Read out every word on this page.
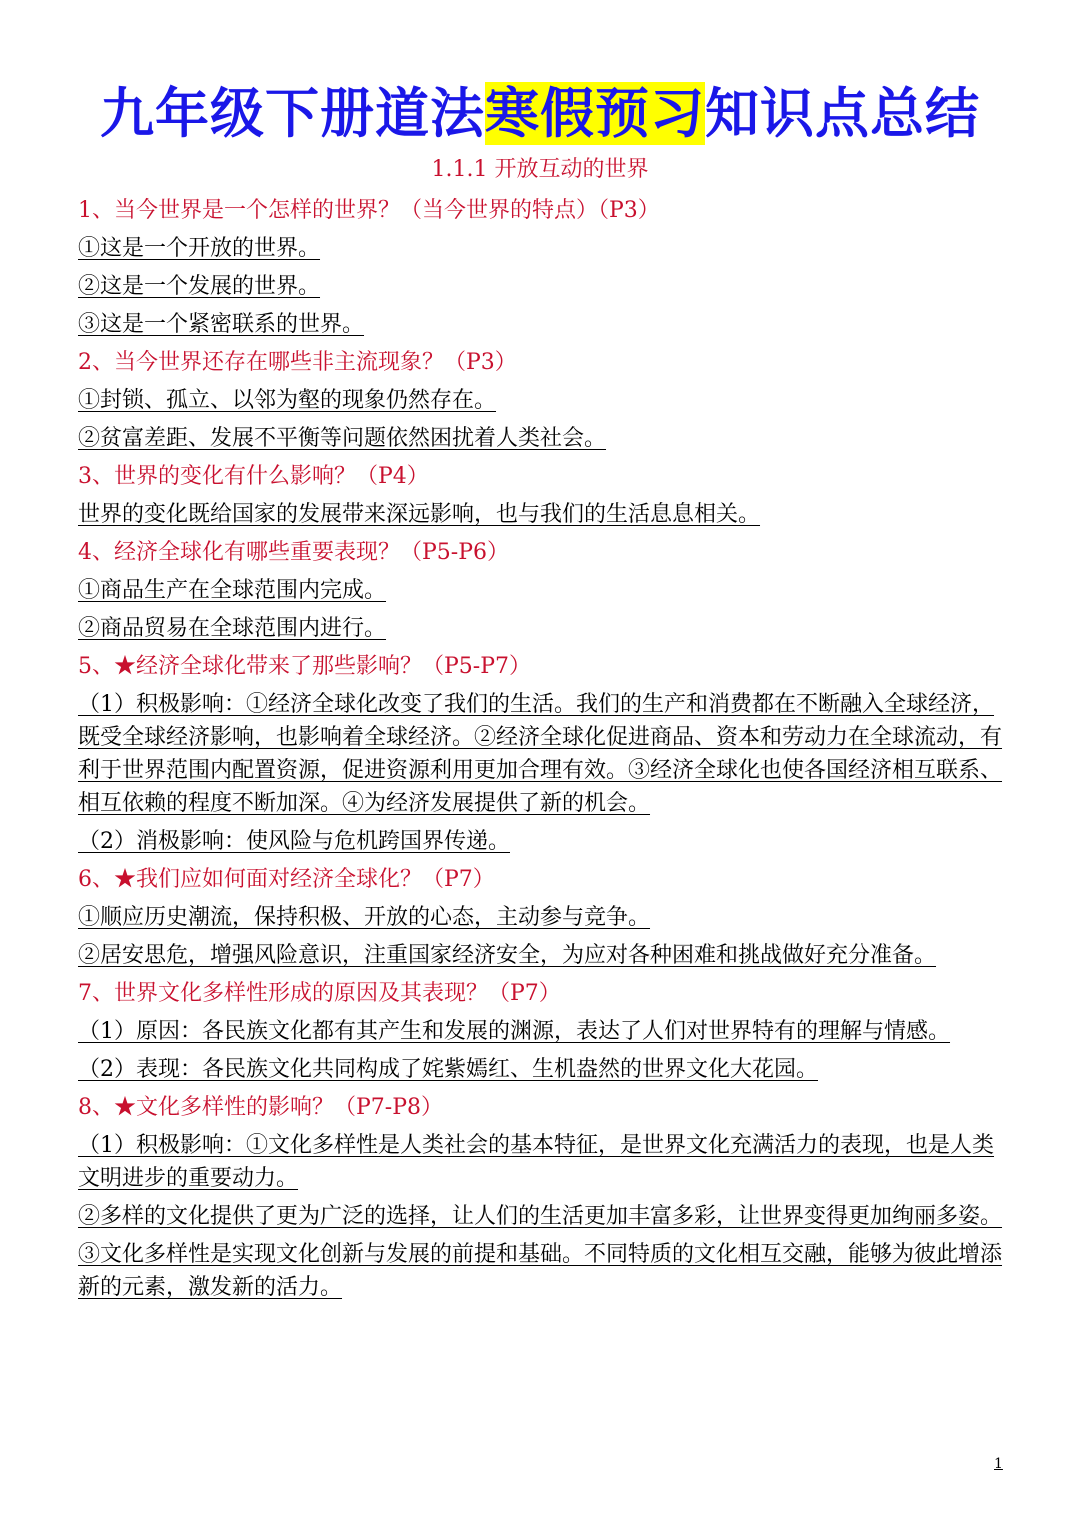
九年级下册道法寒假预习知识点总结
1.1.1 开放互动的世界
1、当今世界是一个怎样的世界？（当今世界的特点）（P3）

①这是一个开放的世界。

②这是一个发展的世界。

③这是一个紧密联系的世界。

2、当今世界还存在哪些非主流现象？（P3）

①封锁、孤立、以邻为壑的现象仍然存在。

②贫富差距、发展不平衡等问题依然困扰着人类社会。

3、世界的变化有什么影响？（P4）

世界的变化既给国家的发展带来深远影响，也与我们的生活息息相关。

4、经济全球化有哪些重要表现？（P5-P6）

①商品生产在全球范围内完成。

②商品贸易在全球范围内进行。

5、★经济全球化带来了那些影响？（P5-P7）

（1）积极影响：①经济全球化改变了我们的生活。我们的生产和消费都在不断融入全球经济，既受全球经济影响，也影响着全球经济。②经济全球化促进商品、资本和劳动力在全球流动，有利于世界范围内配置资源，促进资源利用更加合理有效。③经济全球化也使各国经济相互联系、相互依赖的程度不断加深。④为经济发展提供了新的机会。

（2）消极影响：使风险与危机跨国界传递。

6、★我们应如何面对经济全球化？（P7）

①顺应历史潮流，保持积极、开放的心态，主动参与竞争。

②居安思危，增强风险意识，注重国家经济安全，为应对各种困难和挑战做好充分准备。

7、世界文化多样性形成的原因及其表现？（P7）

（1）原因：各民族文化都有其产生和发展的渊源，表达了人们对世界特有的理解与情感。

（2）表现：各民族文化共同构成了姹紫嫣红、生机盎然的世界文化大花园。

8、★文化多样性的影响？（P7-P8）

（1）积极影响：①文化多样性是人类社会的基本特征，是世界文化充满活力的表现，也是人类文明进步的重要动力。

②多样的文化提供了更为广泛的选择，让人们的生活更加丰富多彩，让世界变得更加绚丽多姿。

③文化多样性是实现文化创新与发展的前提和基础。不同特质的文化相互交融，能够为彼此增添新的元素，激发新的活力。

1
